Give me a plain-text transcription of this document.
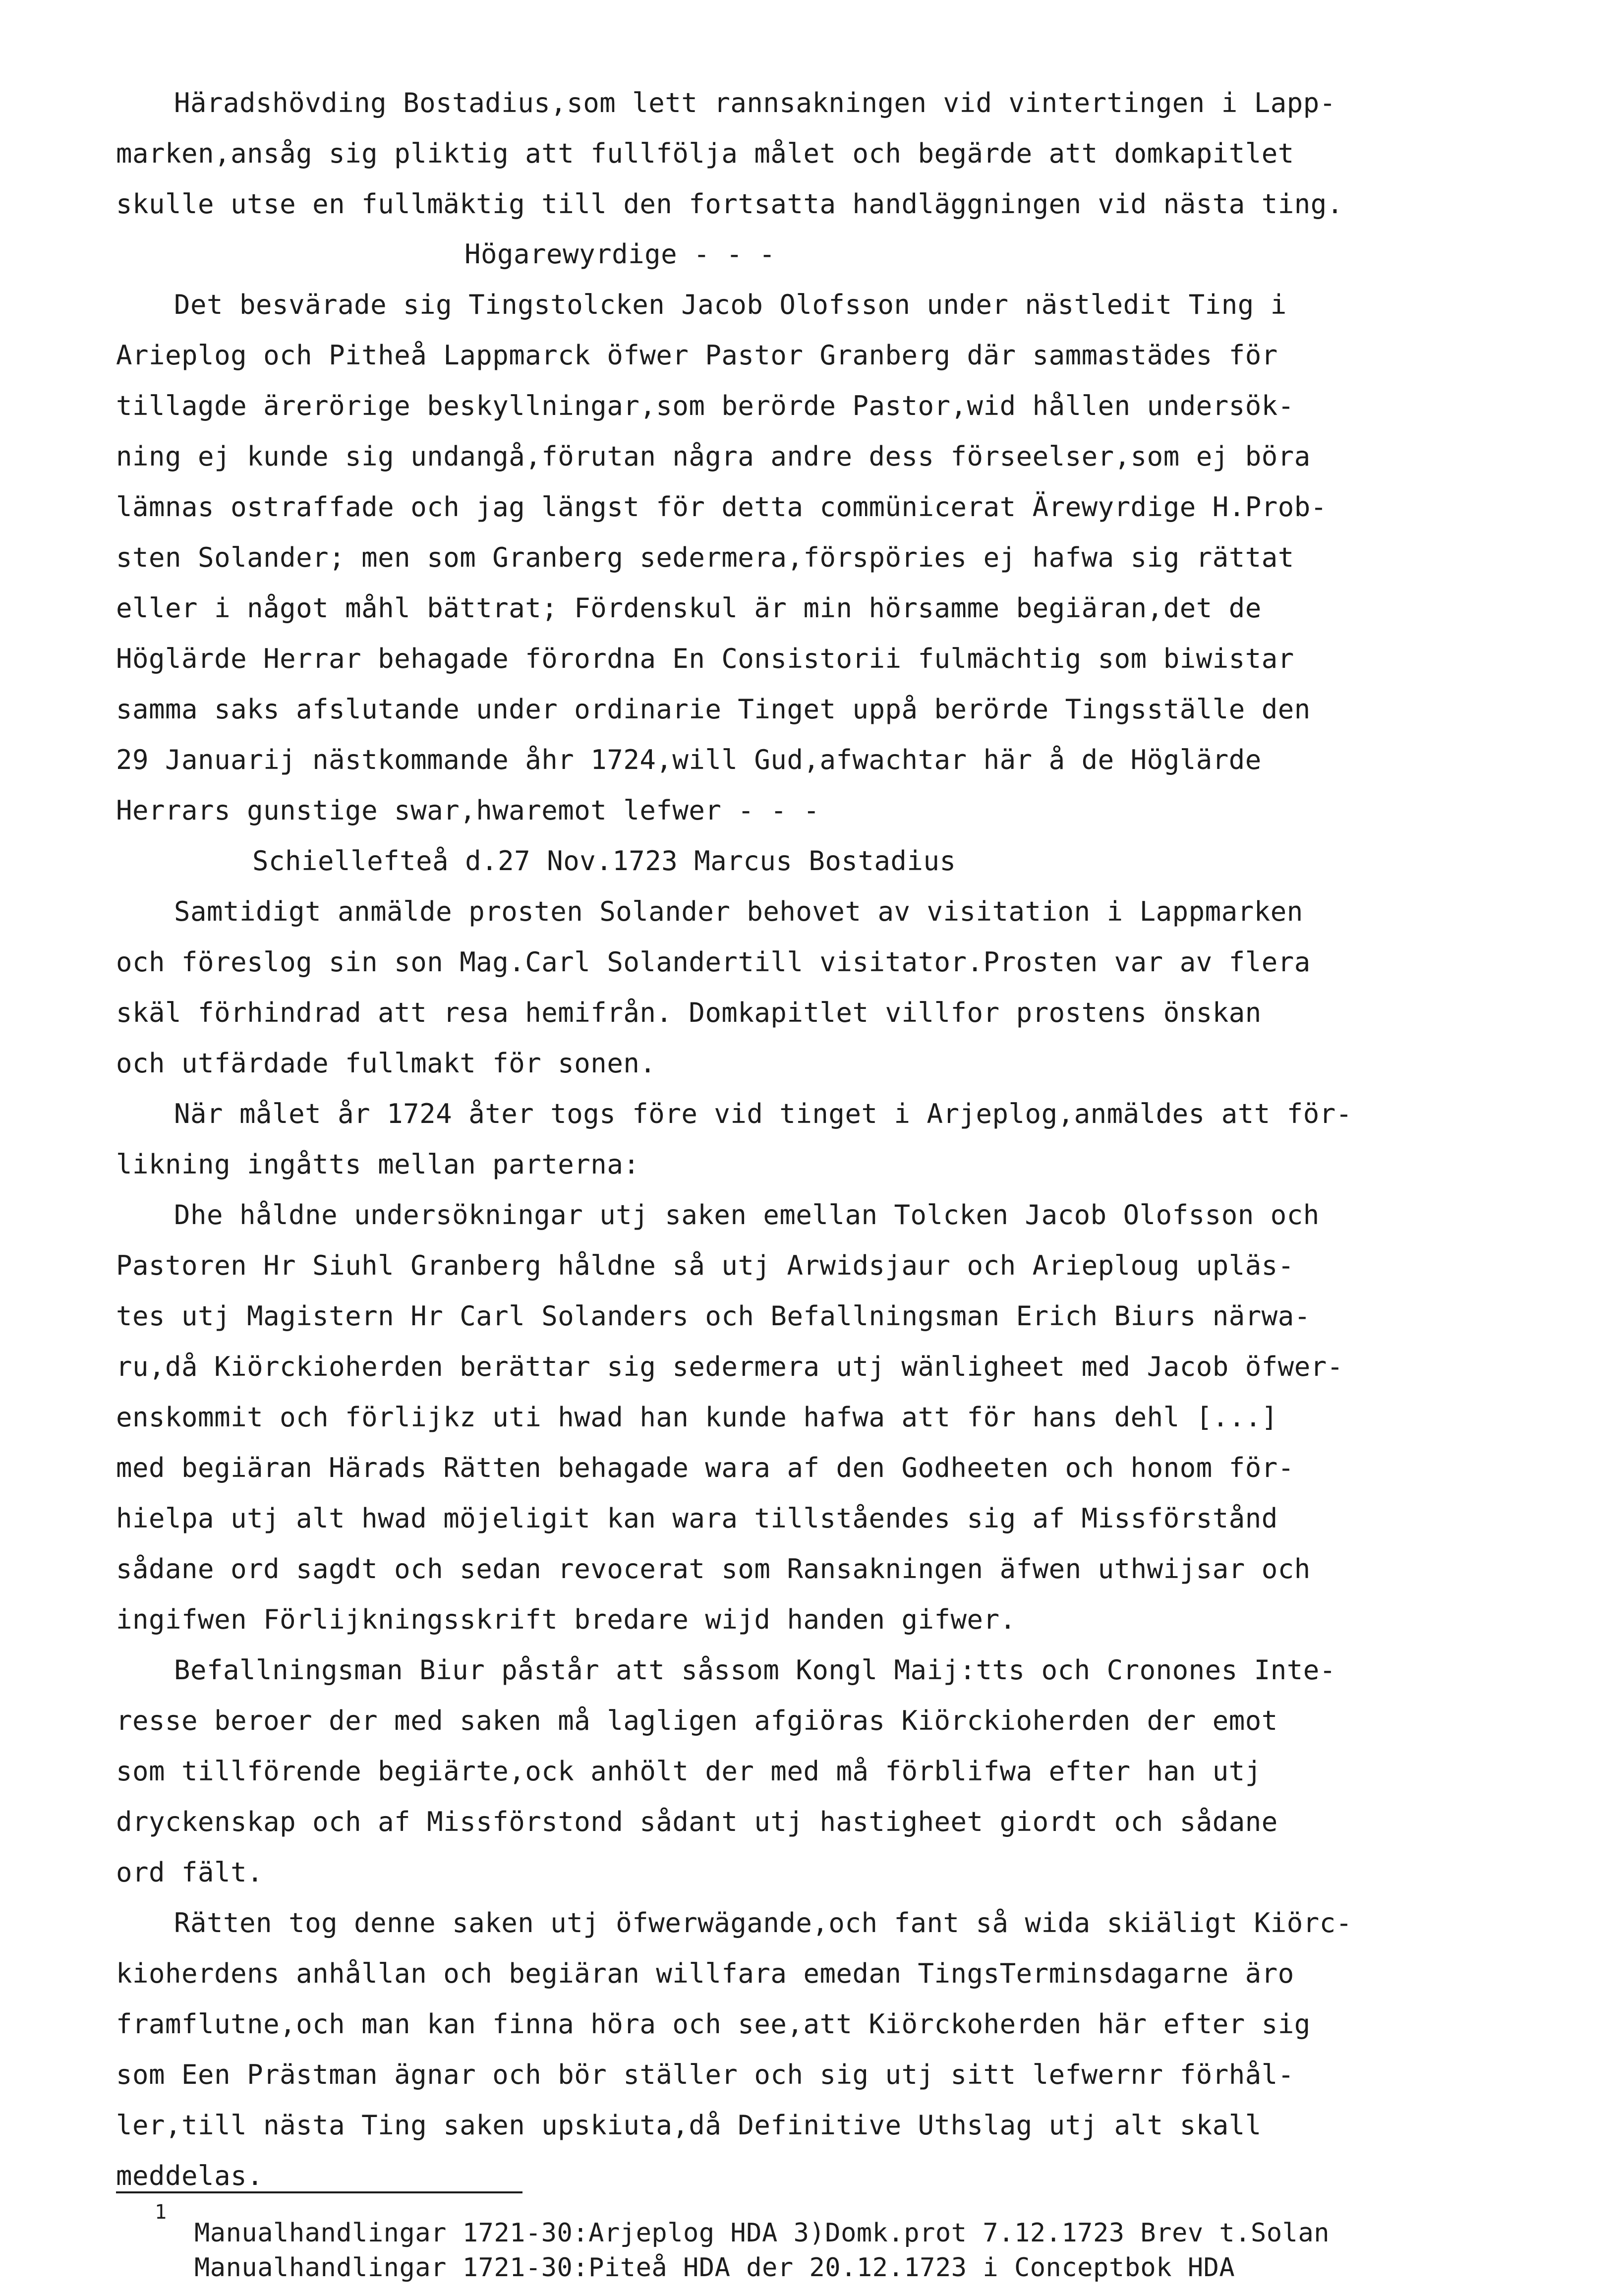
Häradshövding Bostadius,som lett rannsakningen vid vintertingen i Lapp-
marken,ansåg sig pliktig att fullfölja målet och begärde att domkapitlet
skulle utse en fullmäktig till den fortsatta handläggningen vid nästa ting.
Högarewyrdige - - -
Det besvärade sig Tingstolcken Jacob Olofsson under nästledit Ting i
Arieplog och Pitheå Lappmarck öfwer Pastor Granberg där sammastädes för
tillagde ärerörige beskyllningar,som berörde Pastor,wid hållen undersök-
ning ej kunde sig undangå,förutan några andre dess förseelser,som ej böra
lämnas ostraffade och jag längst för detta commünicerat Ärewyrdige H.Prob-
sten Solander; men som Granberg sedermera,förspöries ej hafwa sig rättat
eller i något måhl bättrat; Fördenskul är min hörsamme begiäran,det de
Höglärde Herrar behagade förordna En Consistorii fulmächtig som biwistar
samma saks afslutande under ordinarie Tinget uppå berörde Tingsställe den
29 Januarij nästkommande åhr 1724,will Gud,afwachtar här å de Höglärde
Herrars gunstige swar,hwaremot lefwer - - -
Schiellefteå d.27 Nov.1723 Marcus Bostadius
Samtidigt anmälde prosten Solander behovet av visitation i Lappmarken
och föreslog sin son Mag.Carl Solandertill visitator.Prosten var av flera
skäl förhindrad att resa hemifrån. Domkapitlet villfor prostens önskan
och utfärdade fullmakt för sonen.
När målet år 1724 åter togs före vid tinget i Arjeplog,anmäldes att för-
likning ingåtts mellan parterna:
Dhe håldne undersökningar utj saken emellan Tolcken Jacob Olofsson och
Pastoren Hr Siuhl Granberg håldne så utj Arwidsjaur och Arieploug upläs-
tes utj Magistern Hr Carl Solanders och Befallningsman Erich Biurs närwa-
ru,då Kiörckioherden berättar sig sedermera utj wänligheet med Jacob öfwer-
enskommit och förlijkz uti hwad han kunde hafwa att för hans dehl [...]
med begiäran Härads Rätten behagade wara af den Godheeten och honom för-
hielpa utj alt hwad möjeligit kan wara tillståendes sig af Missförstånd
sådane ord sagdt och sedan revocerat som Ransakningen äfwen uthwijsar och
ingifwen Förlijkningsskrift bredare wijd handen gifwer.
Befallningsman Biur påstår att såssom Kongl Maij:tts och Cronones Inte-
resse beroer der med saken må lagligen afgiöras Kiörckioherden der emot
som tillförende begiärte,ock anhölt der med må förblifwa efter han utj
dryckenskap och af Missförstond sådant utj hastigheet giordt och sådane
ord fält.
Rätten tog denne saken utj öfwerwägande,och fant så wida skiäligt Kiörc-
kioherdens anhållan och begiäran willfara emedan TingsTerminsdagarne äro
framflutne,och man kan finna höra och see,att Kiörckoherden här efter sig
som Een Prästman ägnar och bör ställer och sig utj sitt lefwernr förhål-
ler,till nästa Ting saken upskiuta,då Definitive Uthslag utj alt skall
meddelas.
1
Manualhandlingar 1721-30:Arjeplog HDA 3)Domk.prot 7.12.1723 Brev t.Solan
Manualhandlingar 1721-30:Piteå HDA der 20.12.1723 i Conceptbok HDA
